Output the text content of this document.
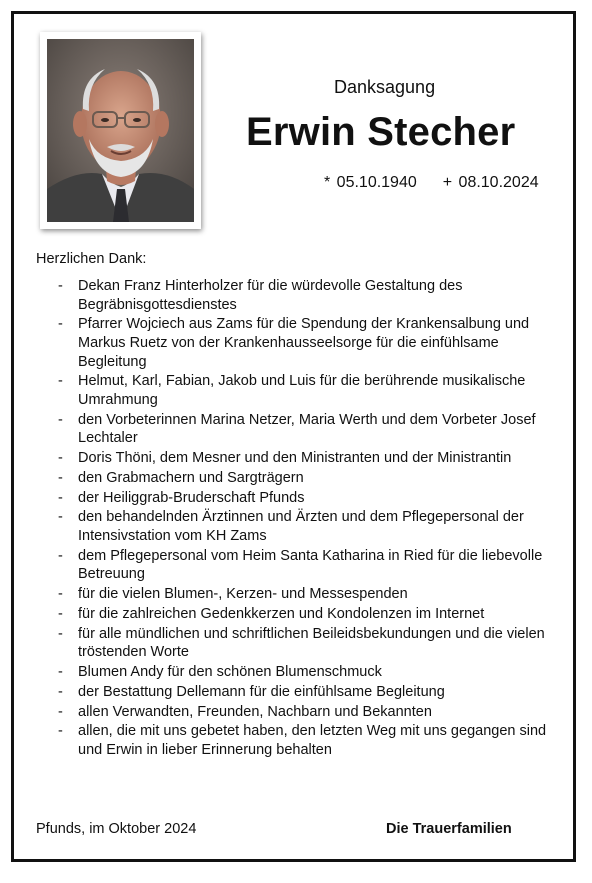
Danksagung
Erwin Stecher
* 05.10.1940 + 08.10.2024
Herzlichen Dank:
- Dekan Franz Hinterholzer für die würdevolle Gestaltung des Begräbnisgottesdienstes
- Pfarrer Wojciech aus Zams für die Spendung der Krankensalbung und Markus Ruetz von der Krankenhausseelsorge für die einfühlsame Begleitung
- Helmut, Karl, Fabian, Jakob und Luis für die berührende musikalische Umrahmung
- den Vorbeterinnen Marina Netzer, Maria Werth und dem Vorbeter Josef Lechtaler
- Doris Thöni, dem Mesner und den Ministranten und der Ministrantin
- den Grabmachern und Sargträgern
- der Heiliggrab-Bruderschaft Pfunds
- den behandelnden Ärztinnen und Ärzten und dem Pflegepersonal der Intensivstation vom KH Zams
- dem Pflegepersonal vom Heim Santa Katharina in Ried für die liebevolle Betreuung
- für die vielen Blumen-, Kerzen- und Messespenden
- für die zahlreichen Gedenkkerzen und Kondolenzen im Internet
- für alle mündlichen und schriftlichen Beileidsbekundungen und die vielen tröstenden Worte
- Blumen Andy für den schönen Blumenschmuck
- der Bestattung Dellemann für die einfühlsame Begleitung
- allen Verwandten, Freunden, Nachbarn und Bekannten
- allen, die mit uns gebetet haben, den letzten Weg mit uns gegangen sind und Erwin in lieber Erinnerung behalten
Pfunds, im Oktober 2024	Die Trauerfamilien
